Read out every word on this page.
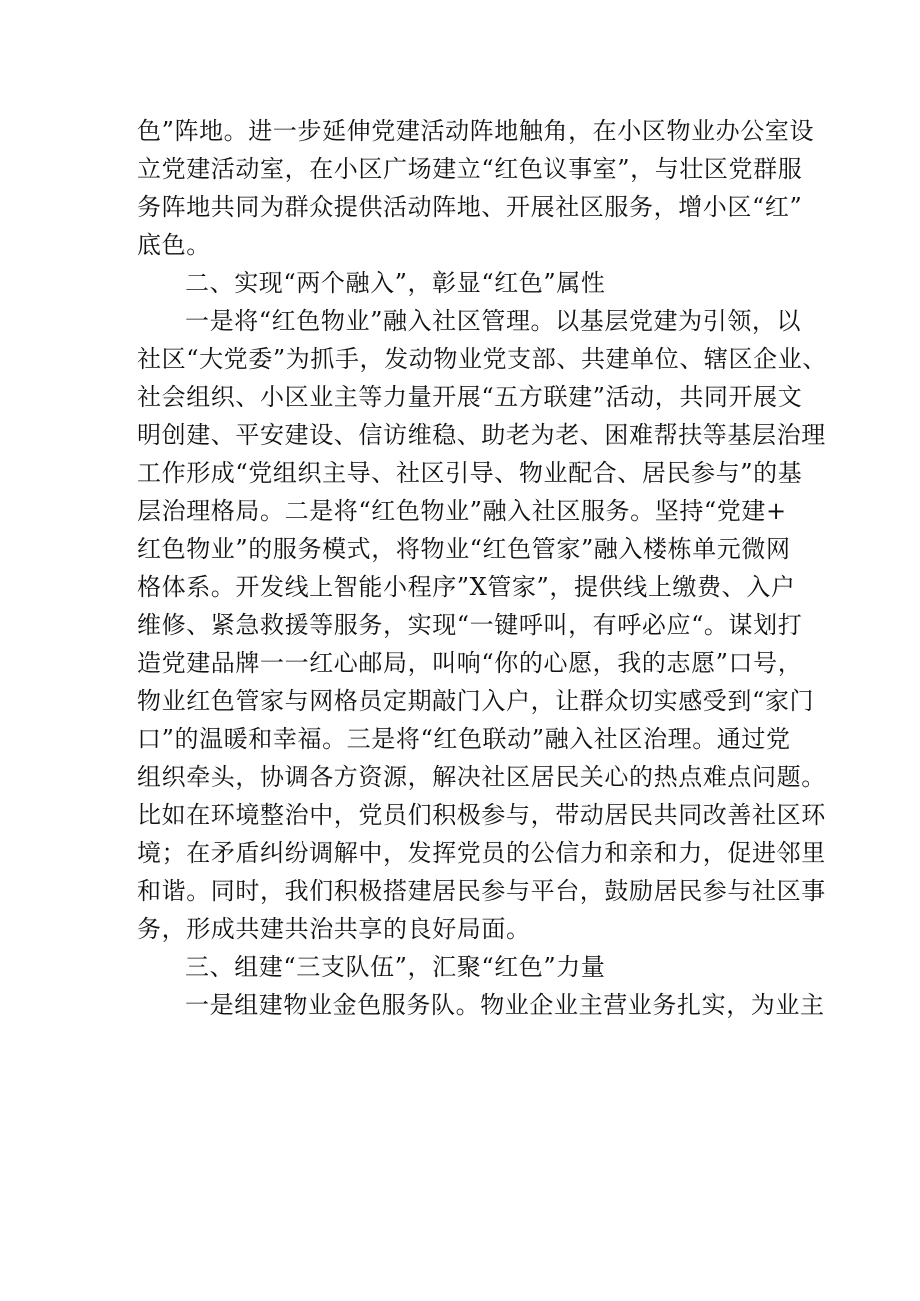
色”阵地。进一步延伸党建活动阵地触角，在小区物业办公室设
立党建活动室，在小区广场建立“红色议事室”，与壮区党群服
务阵地共同为群众提供活动阵地、开展社区服务，增小区“红”
底色。
二、实现“两个融入”，彰显“红色”属性
一是将“红色物业”融入社区管理。以基层党建为引领，以
社区“大党委”为抓手，发动物业党支部、共建单位、辖区企业、
社会组织、小区业主等力量开展“五方联建”活动，共同开展文
明创建、平安建设、信访维稳、助老为老、困难帮扶等基层治理
工作形成“党组织主导、社区引导、物业配合、居民参与”的基
层治理格局。二是将“红色物业”融入社区服务。坚持“党建+
红色物业”的服务模式，将物业“红色管家”融入楼栋单元微网
格体系。开发线上智能小程序”X管家”，提供线上缴费、入户
维修、紧急救援等服务，实现“一键呼叫，有呼必应“。谋划打
造党建品牌一一红心邮局，叫响“你的心愿，我的志愿”口号，
物业红色管家与网格员定期敲门入户，让群众切实感受到“家门
口”的温暖和幸福。三是将“红色联动”融入社区治理。通过党
组织牵头，协调各方资源，解决社区居民关心的热点难点问题。
比如在环境整治中，党员们积极参与，带动居民共同改善社区环
境；在矛盾纠纷调解中，发挥党员的公信力和亲和力，促进邻里
和谐。同时，我们积极搭建居民参与平台，鼓励居民参与社区事
务，形成共建共治共享的良好局面。
三、组建“三支队伍”，汇聚“红色”力量
一是组建物业金色服务队。物业企业主营业务扎实，为业主
